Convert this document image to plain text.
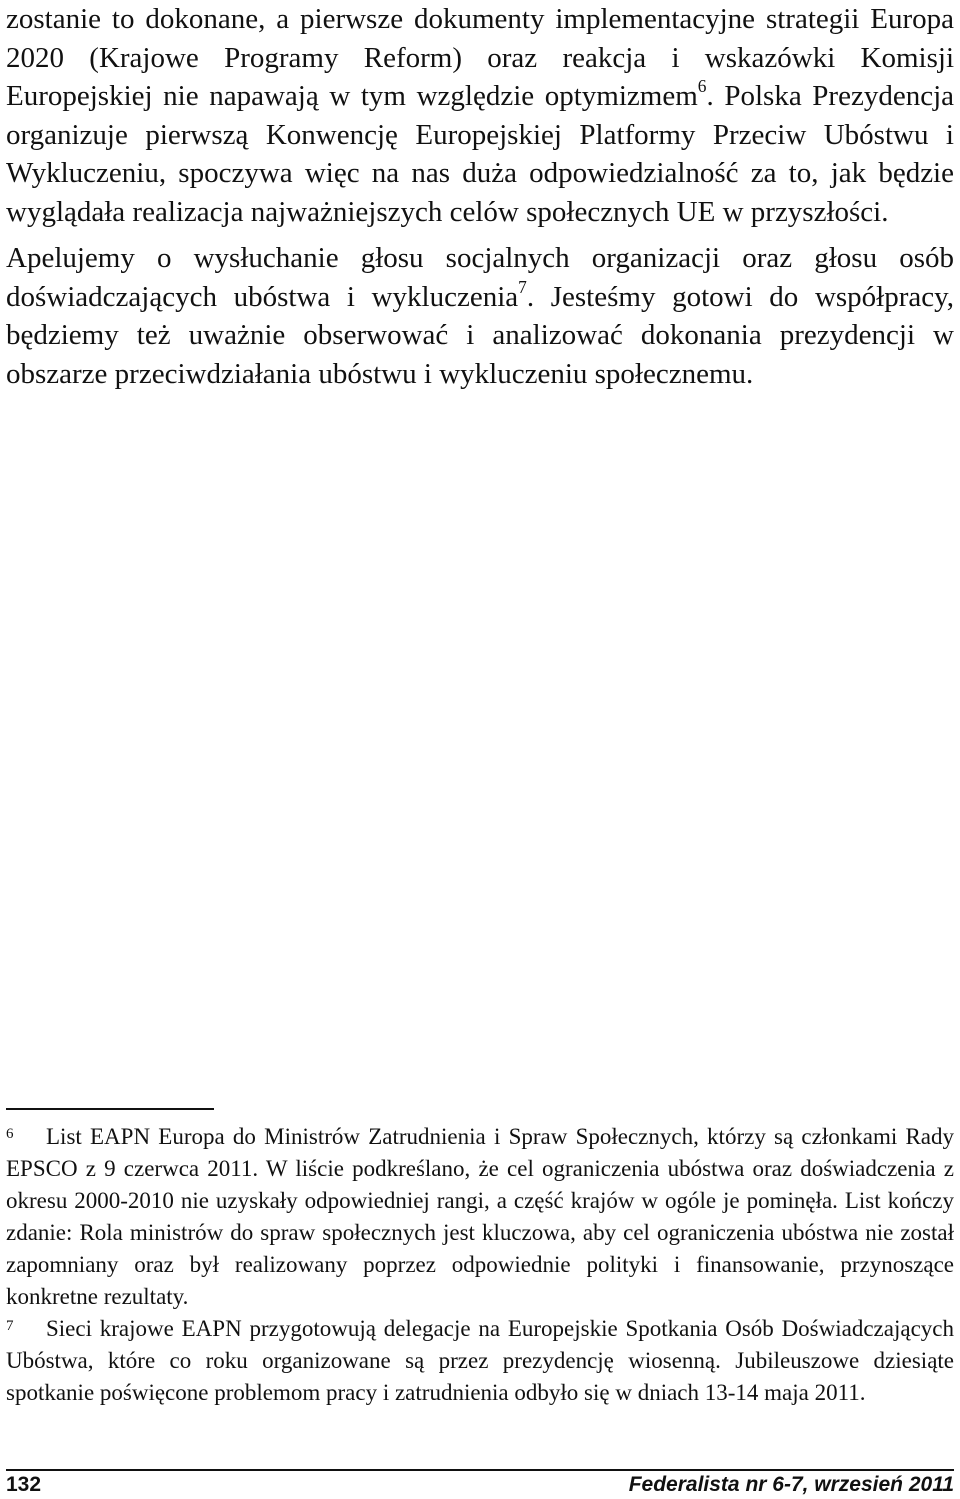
zostanie to dokonane, a pierwsze dokumenty implementacyjne strategii Europa 2020 (Krajowe Programy Reform) oraz reakcja i wskazówki Komisji Europejskiej nie napawają w tym względzie optymizmem$^6$. Polska Prezydencja organizuje pierwszą Konwencję Europejskiej Platformy Przeciw Ubóstwu i Wykluczeniu, spoczywa więc na nas duża odpowiedzialność za to, jak będzie wyglądała realizacja najważniejszych celów społecznych UE w przyszłości.

Apelujemy o wysłuchanie głosu socjalnych organizacji oraz głosu osób doświadczających ubóstwa i wykluczenia$^7$. Jesteśmy gotowi do współpracy, będziemy też uważnie obserwować i analizować dokonania prezydencji w obszarze przeciwdziałania ubóstwu i wykluczeniu społecznemu.

6 List EAPN Europa do Ministrów Zatrudnienia i Spraw Społecznych, którzy są członkami Rady EPSCO z 9 czerwca 2011. W liście podkreślano, że cel ograniczenia ubóstwa oraz doświadczenia z okresu 2000-2010 nie uzyskały odpowiedniej rangi, a część krajów w ogóle je pominęła. List kończy zdanie: Rola ministrów do spraw społecznych jest kluczowa, aby cel ograniczenia ubóstwa nie został zapomniany oraz był realizowany poprzez odpowiednie polityki i finansowanie, przynoszące konkretne rezultaty.

7 Sieci krajowe EAPN przygotowują delegacje na Europejskie Spotkania Osób Doświadczających Ubóstwa, które co roku organizowane są przez prezydencję wiosenną. Jubileuszowe dziesiąte spotkanie poświęcone problemom pracy i zatrudnienia odbyło się w dniach 13-14 maja 2011.

132	Federalista nr 6-7, wrzesień 2011
